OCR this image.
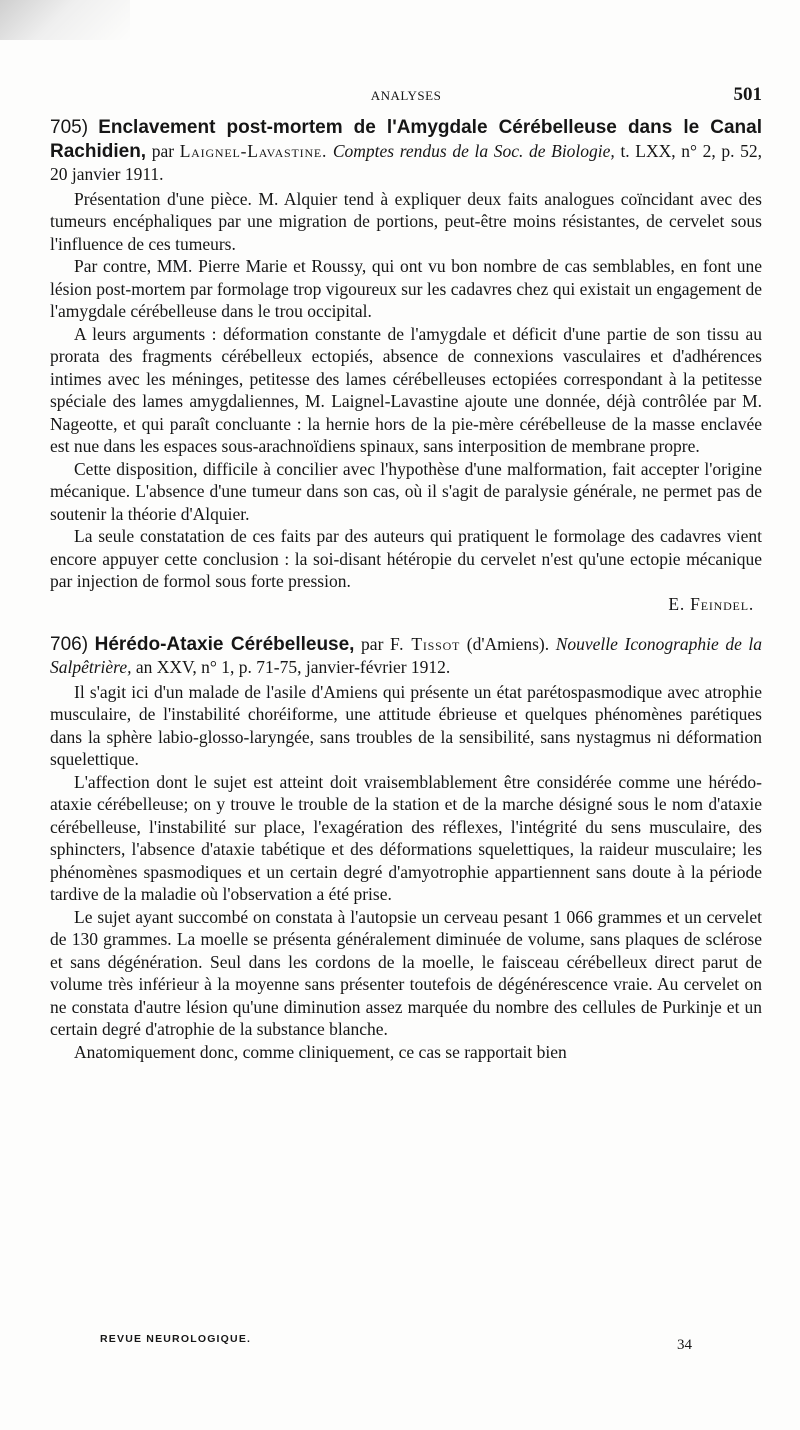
ANALYSES	501

705) Enclavement post-mortem de l'Amygdale Cérébelleuse dans le Canal Rachidien, par Laignel-Lavastine. Comptes rendus de la Soc. de Biologie, t. LXX, n° 2, p. 52, 20 janvier 1911.

Présentation d'une pièce. M. Alquier tend à expliquer deux faits analogues coïncidant avec des tumeurs encéphaliques par une migration de portions, peut-être moins résistantes, de cervelet sous l'influence de ces tumeurs.

Par contre, MM. Pierre Marie et Roussy, qui ont vu bon nombre de cas semblables, en font une lésion post-mortem par formolage trop vigoureux sur les cadavres chez qui existait un engagement de l'amygdale cérébelleuse dans le trou occipital.

A leurs arguments : déformation constante de l'amygdale et déficit d'une partie de son tissu au prorata des fragments cérébelleux ectopiés, absence de connexions vasculaires et d'adhérences intimes avec les méninges, petitesse des lames cérébelleuses ectopiées correspondant à la petitesse spéciale des lames amygdaliennes, M. Laignel-Lavastine ajoute une donnée, déjà contrôlée par M. Nageotte, et qui paraît concluante : la hernie hors de la pie-mère cérébelleuse de la masse enclavée est nue dans les espaces sous-arachnoïdiens spinaux, sans interposition de membrane propre.

Cette disposition, difficile à concilier avec l'hypothèse d'une malformation, fait accepter l'origine mécanique. L'absence d'une tumeur dans son cas, où il s'agit de paralysie générale, ne permet pas de soutenir la théorie d'Alquier.

La seule constatation de ces faits par des auteurs qui pratiquent le formolage des cadavres vient encore appuyer cette conclusion : la soi-disant hétéropie du cervelet n'est qu'une ectopie mécanique par injection de formol sous forte pression.

E. Feindel.

706) Hérédo-Ataxie Cérébelleuse, par F. Tissot (d'Amiens). Nouvelle Iconographie de la Salpêtrière, an XXV, n° 1, p. 71-75, janvier-février 1912.

Il s'agit ici d'un malade de l'asile d'Amiens qui présente un état parétospasmodique avec atrophie musculaire, de l'instabilité choréiforme, une attitude ébrieuse et quelques phénomènes parétiques dans la sphère labio-glosso-laryngée, sans troubles de la sensibilité, sans nystagmus ni déformation squelettique.

L'affection dont le sujet est atteint doit vraisemblablement être considérée comme une hérédo-ataxie cérébelleuse; on y trouve le trouble de la station et de la marche désigné sous le nom d'ataxie cérébelleuse, l'instabilité sur place, l'exagération des réflexes, l'intégrité du sens musculaire, des sphincters, l'absence d'ataxie tabétique et des déformations squelettiques, la raideur musculaire; les phénomènes spasmodiques et un certain degré d'amyotrophie appartiennent sans doute à la période tardive de la maladie où l'observation a été prise.

Le sujet ayant succombé on constata à l'autopsie un cerveau pesant 1 066 grammes et un cervelet de 130 grammes. La moelle se présenta généralement diminuée de volume, sans plaques de sclérose et sans dégénération. Seul dans les cordons de la moelle, le faisceau cérébelleux direct parut de volume très inférieur à la moyenne sans présenter toutefois de dégénérescence vraie. Au cervelet on ne constata d'autre lésion qu'une diminution assez marquée du nombre des cellules de Purkinje et un certain degré d'atrophie de la substance blanche.

Anatomiquement donc, comme cliniquement, ce cas se rapportait bien

REVUE NEUROLOGIQUE.	34
